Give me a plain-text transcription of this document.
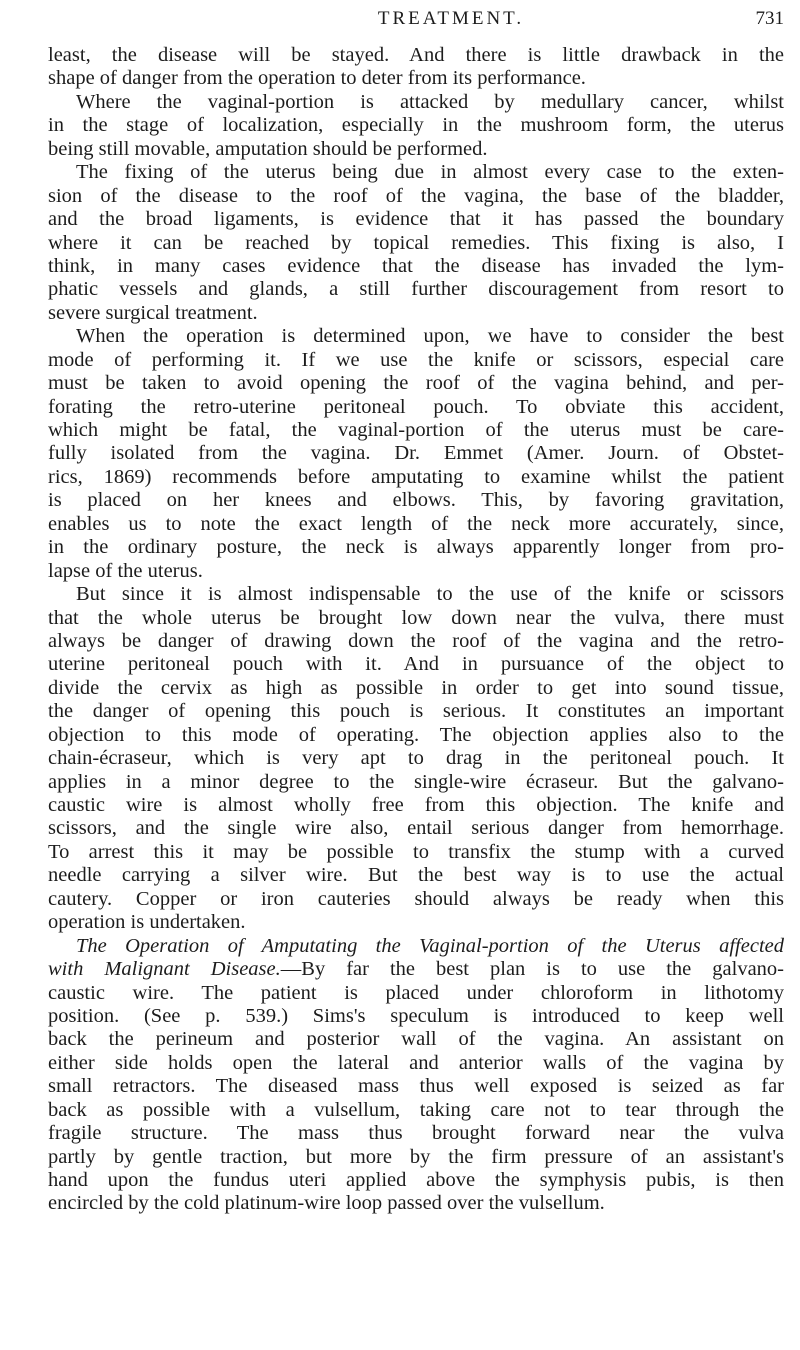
TREATMENT.	731
least, the disease will be stayed. And there is little drawback in the
shape of danger from the operation to deter from its performance.
Where the vaginal-portion is attacked by medullary cancer, whilst
in the stage of localization, especially in the mushroom form, the uterus
being still movable, amputation should be performed.
The fixing of the uterus being due in almost every case to the exten-
sion of the disease to the roof of the vagina, the base of the bladder,
and the broad ligaments, is evidence that it has passed the boundary
where it can be reached by topical remedies. This fixing is also, I
think, in many cases evidence that the disease has invaded the lym-
phatic vessels and glands, a still further discouragement from resort to
severe surgical treatment.
When the operation is determined upon, we have to consider the best
mode of performing it. If we use the knife or scissors, especial care
must be taken to avoid opening the roof of the vagina behind, and per-
forating the retro-uterine peritoneal pouch. To obviate this accident,
which might be fatal, the vaginal-portion of the uterus must be care-
fully isolated from the vagina. Dr. Emmet (Amer. Journ. of Obstet-
rics, 1869) recommends before amputating to examine whilst the patient
is placed on her knees and elbows. This, by favoring gravitation,
enables us to note the exact length of the neck more accurately, since,
in the ordinary posture, the neck is always apparently longer from pro-
lapse of the uterus.
But since it is almost indispensable to the use of the knife or scissors
that the whole uterus be brought low down near the vulva, there must
always be danger of drawing down the roof of the vagina and the retro-
uterine peritoneal pouch with it. And in pursuance of the object to
divide the cervix as high as possible in order to get into sound tissue,
the danger of opening this pouch is serious. It constitutes an important
objection to this mode of operating. The objection applies also to the
chain-écraseur, which is very apt to drag in the peritoneal pouch. It
applies in a minor degree to the single-wire écraseur. But the galvano-
caustic wire is almost wholly free from this objection. The knife and
scissors, and the single wire also, entail serious danger from hemorrhage.
To arrest this it may be possible to transfix the stump with a curved
needle carrying a silver wire. But the best way is to use the actual
cautery. Copper or iron cauteries should always be ready when this
operation is undertaken.
The Operation of Amputating the Vaginal-portion of the Uterus affected
with Malignant Disease.—By far the best plan is to use the galvano-
caustic wire. The patient is placed under chloroform in lithotomy
position. (See p. 539.) Sims's speculum is introduced to keep well
back the perineum and posterior wall of the vagina. An assistant on
either side holds open the lateral and anterior walls of the vagina by
small retractors. The diseased mass thus well exposed is seized as far
back as possible with a vulsellum, taking care not to tear through the
fragile structure. The mass thus brought forward near the vulva
partly by gentle traction, but more by the firm pressure of an assistant's
hand upon the fundus uteri applied above the symphysis pubis, is then
encircled by the cold platinum-wire loop passed over the vulsellum.
